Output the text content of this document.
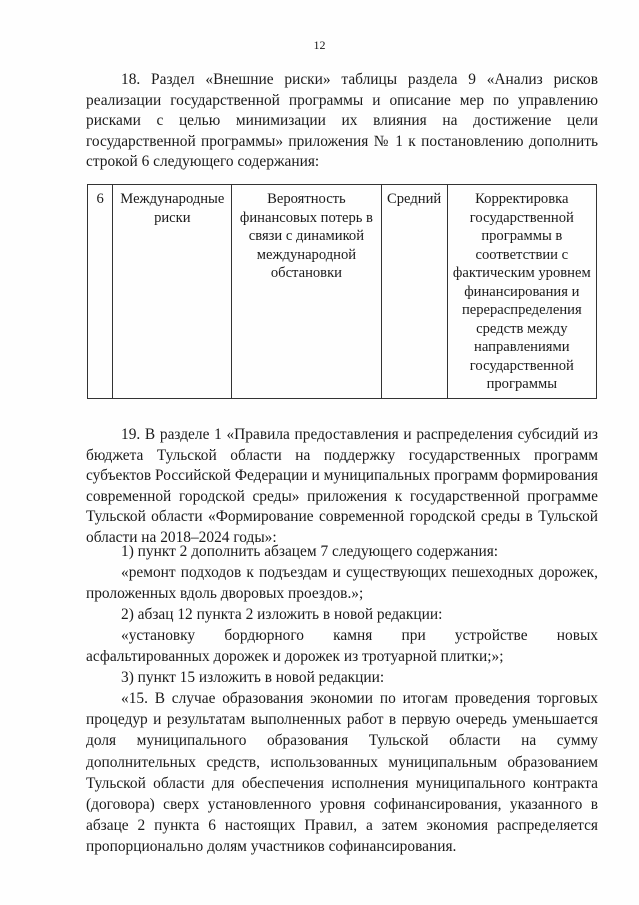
12

18. Раздел «Внешние риски» таблицы раздела 9 «Анализ рисков реализации государственной программы и описание мер по управлению рисками с целью минимизации их влияния на достижение цели государственной программы» приложения № 1 к постановлению дополнить строкой 6 следующего содержания:

6	Международные риски	Вероятность финансовых потерь в связи с динамикой международной обстановки	Средний	Корректировка государственной программы в соответствии с фактическим уровнем финансирования и перераспределения средств между направлениями государственной программы

19. В разделе 1 «Правила предоставления и распределения субсидий из бюджета Тульской области на поддержку государственных программ субъектов Российской Федерации и муниципальных программ формирования современной городской среды» приложения к государственной программе Тульской области «Формирование современной городской среды в Тульской области на 2018–2024 годы»:

1) пункт 2 дополнить абзацем 7 следующего содержания:

«ремонт подходов к подъездам и существующих пешеходных дорожек, проложенных вдоль дворовых проездов.»;

2) абзац 12 пункта 2 изложить в новой редакции:

«установку бордюрного камня при устройстве новых асфальтированных дорожек и дорожек из тротуарной плитки;»;

3) пункт 15 изложить в новой редакции:

«15. В случае образования экономии по итогам проведения торговых процедур и результатам выполненных работ в первую очередь уменьшается доля муниципального образования Тульской области на сумму дополнительных средств, использованных муниципальным образованием Тульской области для обеспечения исполнения муниципального контракта (договора) сверх установленного уровня софинансирования, указанного в абзаце 2 пункта 6 настоящих Правил, а затем экономия распределяется пропорционально долям участников софинансирования.
